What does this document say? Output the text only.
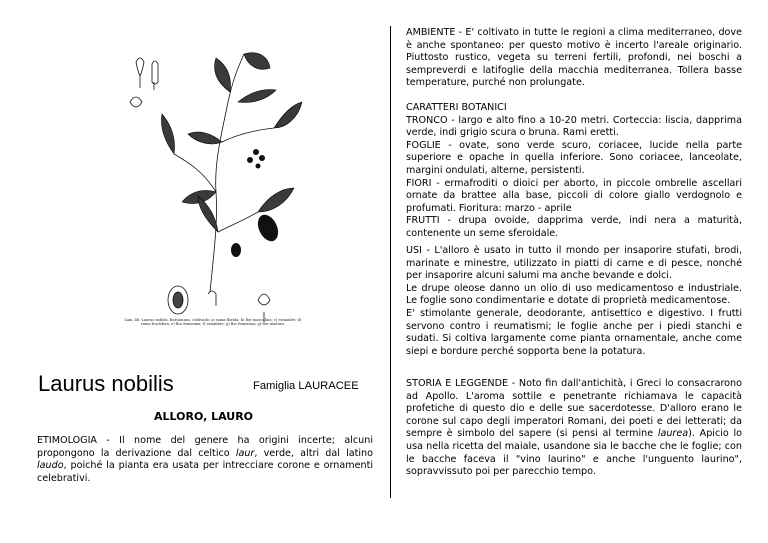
Lam. 46.-Laurus nobilis, Batsomnus, cultivado: a) rama florida; b) flor masculina; c) estambre; d) rama fructifera; e) flor femenina; f) estambre; g) flor femenina; g) flor madura.
Laurus nobilis	Famiglia LAURACEE
ALLORO, LAURO

ETIMOLOGIA - Il nome del genere ha origini incerte; alcuni propongono la derivazione dal celtico laur, verde, altri dal latino laudo, poiché la pianta era usata per intrecciare corone e ornamenti celebrativi.

AMBIENTE - E' coltivato in tutte le regioni a clima mediterraneo, dove è anche spontaneo: per questo motivo è incerto l'areale originario. Piuttosto rustico, vegeta su terreni fertili, profondi, nei boschi a sempreverdi e latifoglie della macchia mediterranea. Tollera basse temperature, purché non prolungate.

CARATTERI BOTANICI

TRONCO - largo e alto fino a 10-20 metri. Corteccia: liscia, dapprima verde, indi grigio scura o bruna. Rami eretti.

FOGLIE - ovate, sono verde scuro, coriacee, lucide nella parte superiore e opache in quella inferiore. Sono coriacee, lanceolate, margini ondulati, alterne, persistenti.

FIORI - ermafroditi o dioici per aborto, in piccole ombrelle ascellari ornate da brattee alla base, piccoli di colore giallo verdognolo e profumati. Fioritura: marzo - aprile

FRUTTI - drupa ovoide, dapprima verde, indi nera a maturità, contenente un seme sferoidale.

USI - L'alloro è usato in tutto il mondo per insaporire stufati, brodi, marinate e minestre, utilizzato in piatti di carne e di pesce, nonché per insaporire alcuni salumi ma anche bevande e dolci.

Le drupe oleose danno un olio di uso medicamentoso e industriale. Le foglie sono condimentarie e dotate di proprietà medicamentose.

E' stimolante generale, deodorante, antisettico e digestivo. I frutti servono contro i reumatismi; le foglie anche per i piedi stanchi e sudati. Si coltiva largamente come pianta ornamentale, anche come siepi e bordure perché sopporta bene la potatura.

STORIA E LEGGENDE - Noto fin dall'antichità, i Greci lo consacrarono ad Apollo. L'aroma sottile e penetrante richiamava le capacità profetiche di questo dio e delle sue sacerdotesse. D'alloro erano le corone sul capo degli imperatori Romani, dei poeti e dei letterati; da sempre è simbolo del sapere (si pensi al termine laurea). Apicio lo usa nella ricetta del maiale, usandone sia le bacche che le foglie; con le bacche faceva il "vino laurino" e anche l'unguento laurino", sopravvissuto poi per parecchio tempo.
